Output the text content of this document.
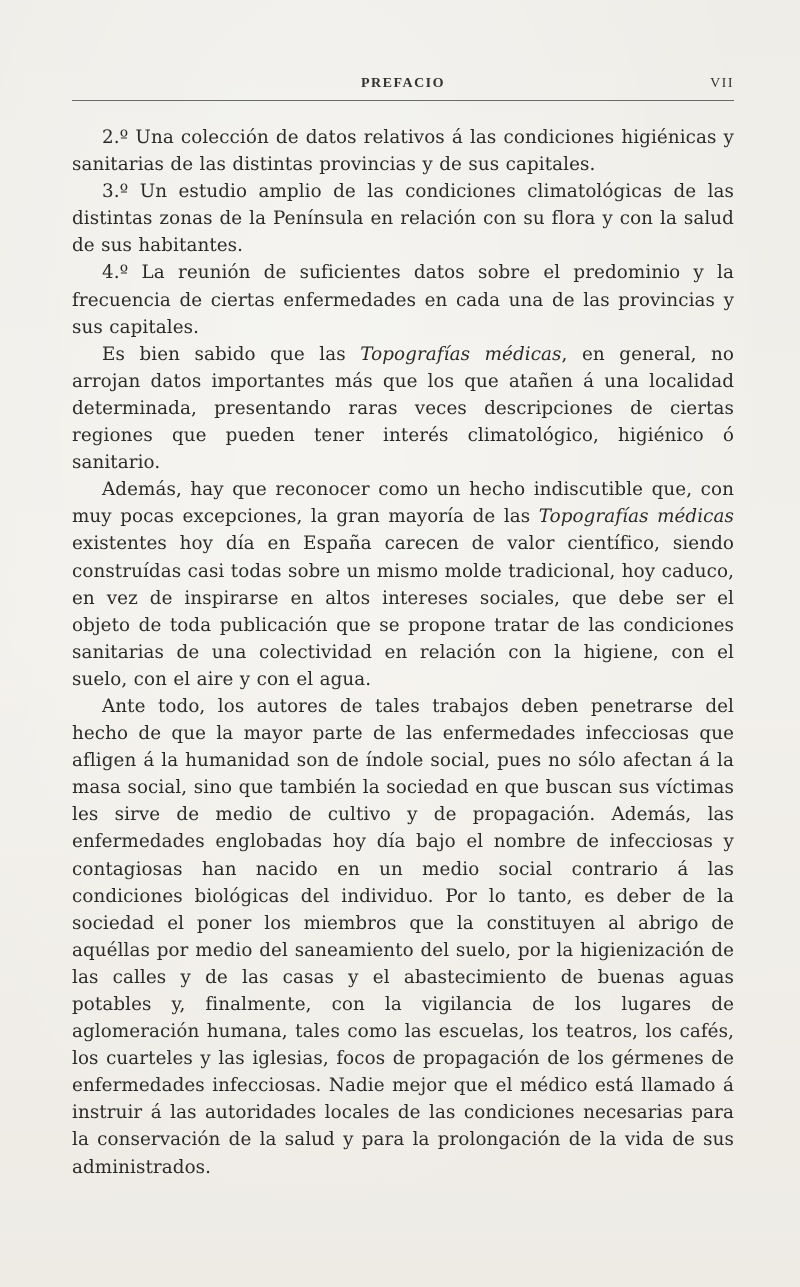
PREFACIO	VII

2.º Una colección de datos relativos á las condiciones higiénicas y sanitarias de las distintas provincias y de sus capitales.

3.º Un estudio amplio de las condiciones climatológicas de las distintas zonas de la Península en relación con su flora y con la salud de sus habitantes.

4.º La reunión de suficientes datos sobre el predominio y la frecuencia de ciertas enfermedades en cada una de las provincias y sus capitales.

Es bien sabido que las Topografías médicas, en general, no arrojan datos importantes más que los que atañen á una localidad determinada, presentando raras veces descripciones de ciertas regiones que pueden tener interés climatológico, higiénico ó sanitario.

Además, hay que reconocer como un hecho indiscutible que, con muy pocas excepciones, la gran mayoría de las Topografías médicas existentes hoy día en España carecen de valor científico, siendo construídas casi todas sobre un mismo molde tradicional, hoy caduco, en vez de inspirarse en altos intereses sociales, que debe ser el objeto de toda publicación que se propone tratar de las condiciones sanitarias de una colectividad en relación con la higiene, con el suelo, con el aire y con el agua.

Ante todo, los autores de tales trabajos deben penetrarse del hecho de que la mayor parte de las enfermedades infecciosas que afligen á la humanidad son de índole social, pues no sólo afectan á la masa social, sino que también la sociedad en que buscan sus víctimas les sirve de medio de cultivo y de propagación. Además, las enfermedades englobadas hoy día bajo el nombre de infecciosas y contagiosas han nacido en un medio social contrario á las condiciones biológicas del individuo. Por lo tanto, es deber de la sociedad el poner los miembros que la constituyen al abrigo de aquéllas por medio del saneamiento del suelo, por la higienización de las calles y de las casas y el abastecimiento de buenas aguas potables y, finalmente, con la vigilancia de los lugares de aglomeración humana, tales como las escuelas, los teatros, los cafés, los cuarteles y las iglesias, focos de propagación de los gérmenes de enfermedades infecciosas. Nadie mejor que el médico está llamado á instruir á las autoridades locales de las condiciones necesarias para la conservación de la salud y para la prolongación de la vida de sus administrados.
